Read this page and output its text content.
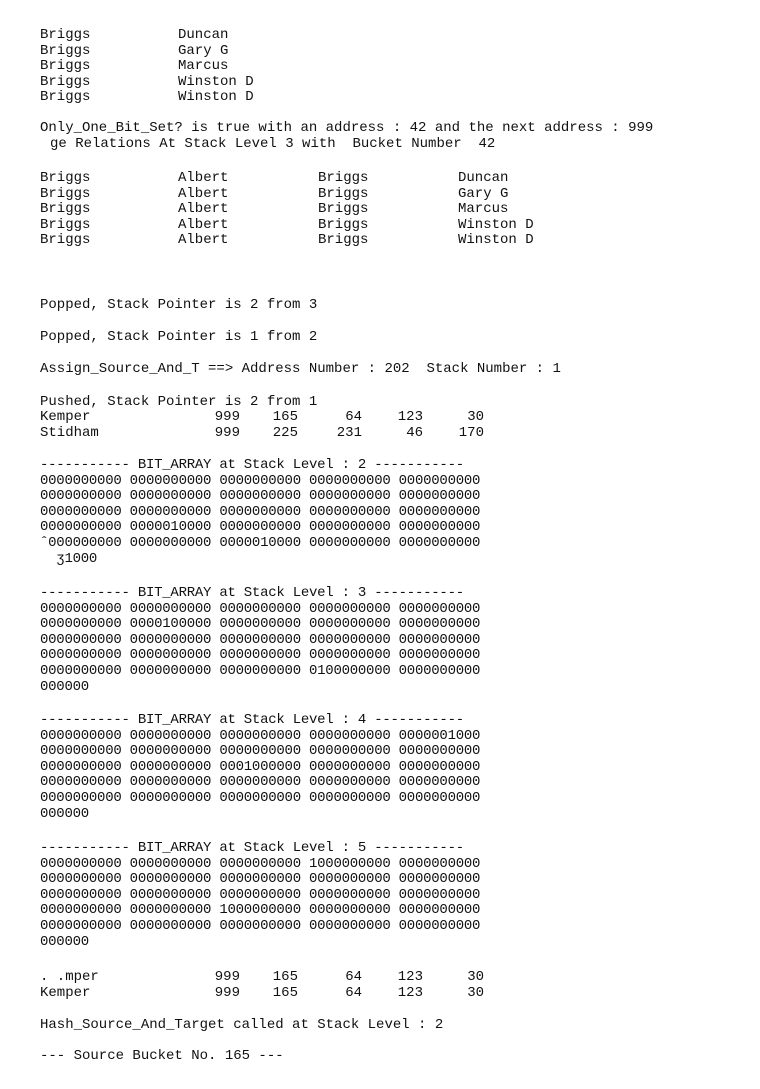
Briggs	Duncan
Briggs	Gary G
Briggs	Marcus
Briggs	Winston D
Briggs	Winston D
Only_One_Bit_Set? is true with an address : 42 and the next address : 999
ge Relations At Stack Level 3 with  Bucket Number  42
Briggs	Albert	Briggs	Duncan
Briggs	Albert	Briggs	Gary G
Briggs	Albert	Briggs	Marcus
Briggs	Albert	Briggs	Winston D
Briggs	Albert	Briggs	Winston D
Popped, Stack Pointer is 2 from 3
Popped, Stack Pointer is 1 from 2
Assign_Source_And_T ==> Address Number : 202  Stack Number : 1
Pushed, Stack Pointer is 2 from 1
Kemper	999	165	64	123	30
Stidham	999	225	231	46	170
----------- BIT_ARRAY at Stack Level : 2 -----------
0000000000 0000000000 0000000000 0000000000 0000000000
0000000000 0000000000 0000000000 0000000000 0000000000
0000000000 0000000000 0000000000 0000000000 0000000000
0000000000 0000010000 0000000000 0000000000 0000000000
ˆ000000000 0000000000 0000010000 0000000000 0000000000
ʒ1000
----------- BIT_ARRAY at Stack Level : 3 -----------
0000000000 0000000000 0000000000 0000000000 0000000000
0000000000 0000100000 0000000000 0000000000 0000000000
0000000000 0000000000 0000000000 0000000000 0000000000
0000000000 0000000000 0000000000 0000000000 0000000000
0000000000 0000000000 0000000000 0100000000 0000000000
000000
----------- BIT_ARRAY at Stack Level : 4 -----------
0000000000 0000000000 0000000000 0000000000 0000001000
0000000000 0000000000 0000000000 0000000000 0000000000
0000000000 0000000000 0001000000 0000000000 0000000000
0000000000 0000000000 0000000000 0000000000 0000000000
0000000000 0000000000 0000000000 0000000000 0000000000
000000
----------- BIT_ARRAY at Stack Level : 5 -----------
0000000000 0000000000 0000000000 1000000000 0000000000
0000000000 0000000000 0000000000 0000000000 0000000000
0000000000 0000000000 0000000000 0000000000 0000000000
0000000000 0000000000 1000000000 0000000000 0000000000
0000000000 0000000000 0000000000 0000000000 0000000000
000000
. .mper	999	165	64	123	30
Kemper	999	165	64	123	30
Hash_Source_And_Target called at Stack Level : 2
--- Source Bucket No. 165 ---
